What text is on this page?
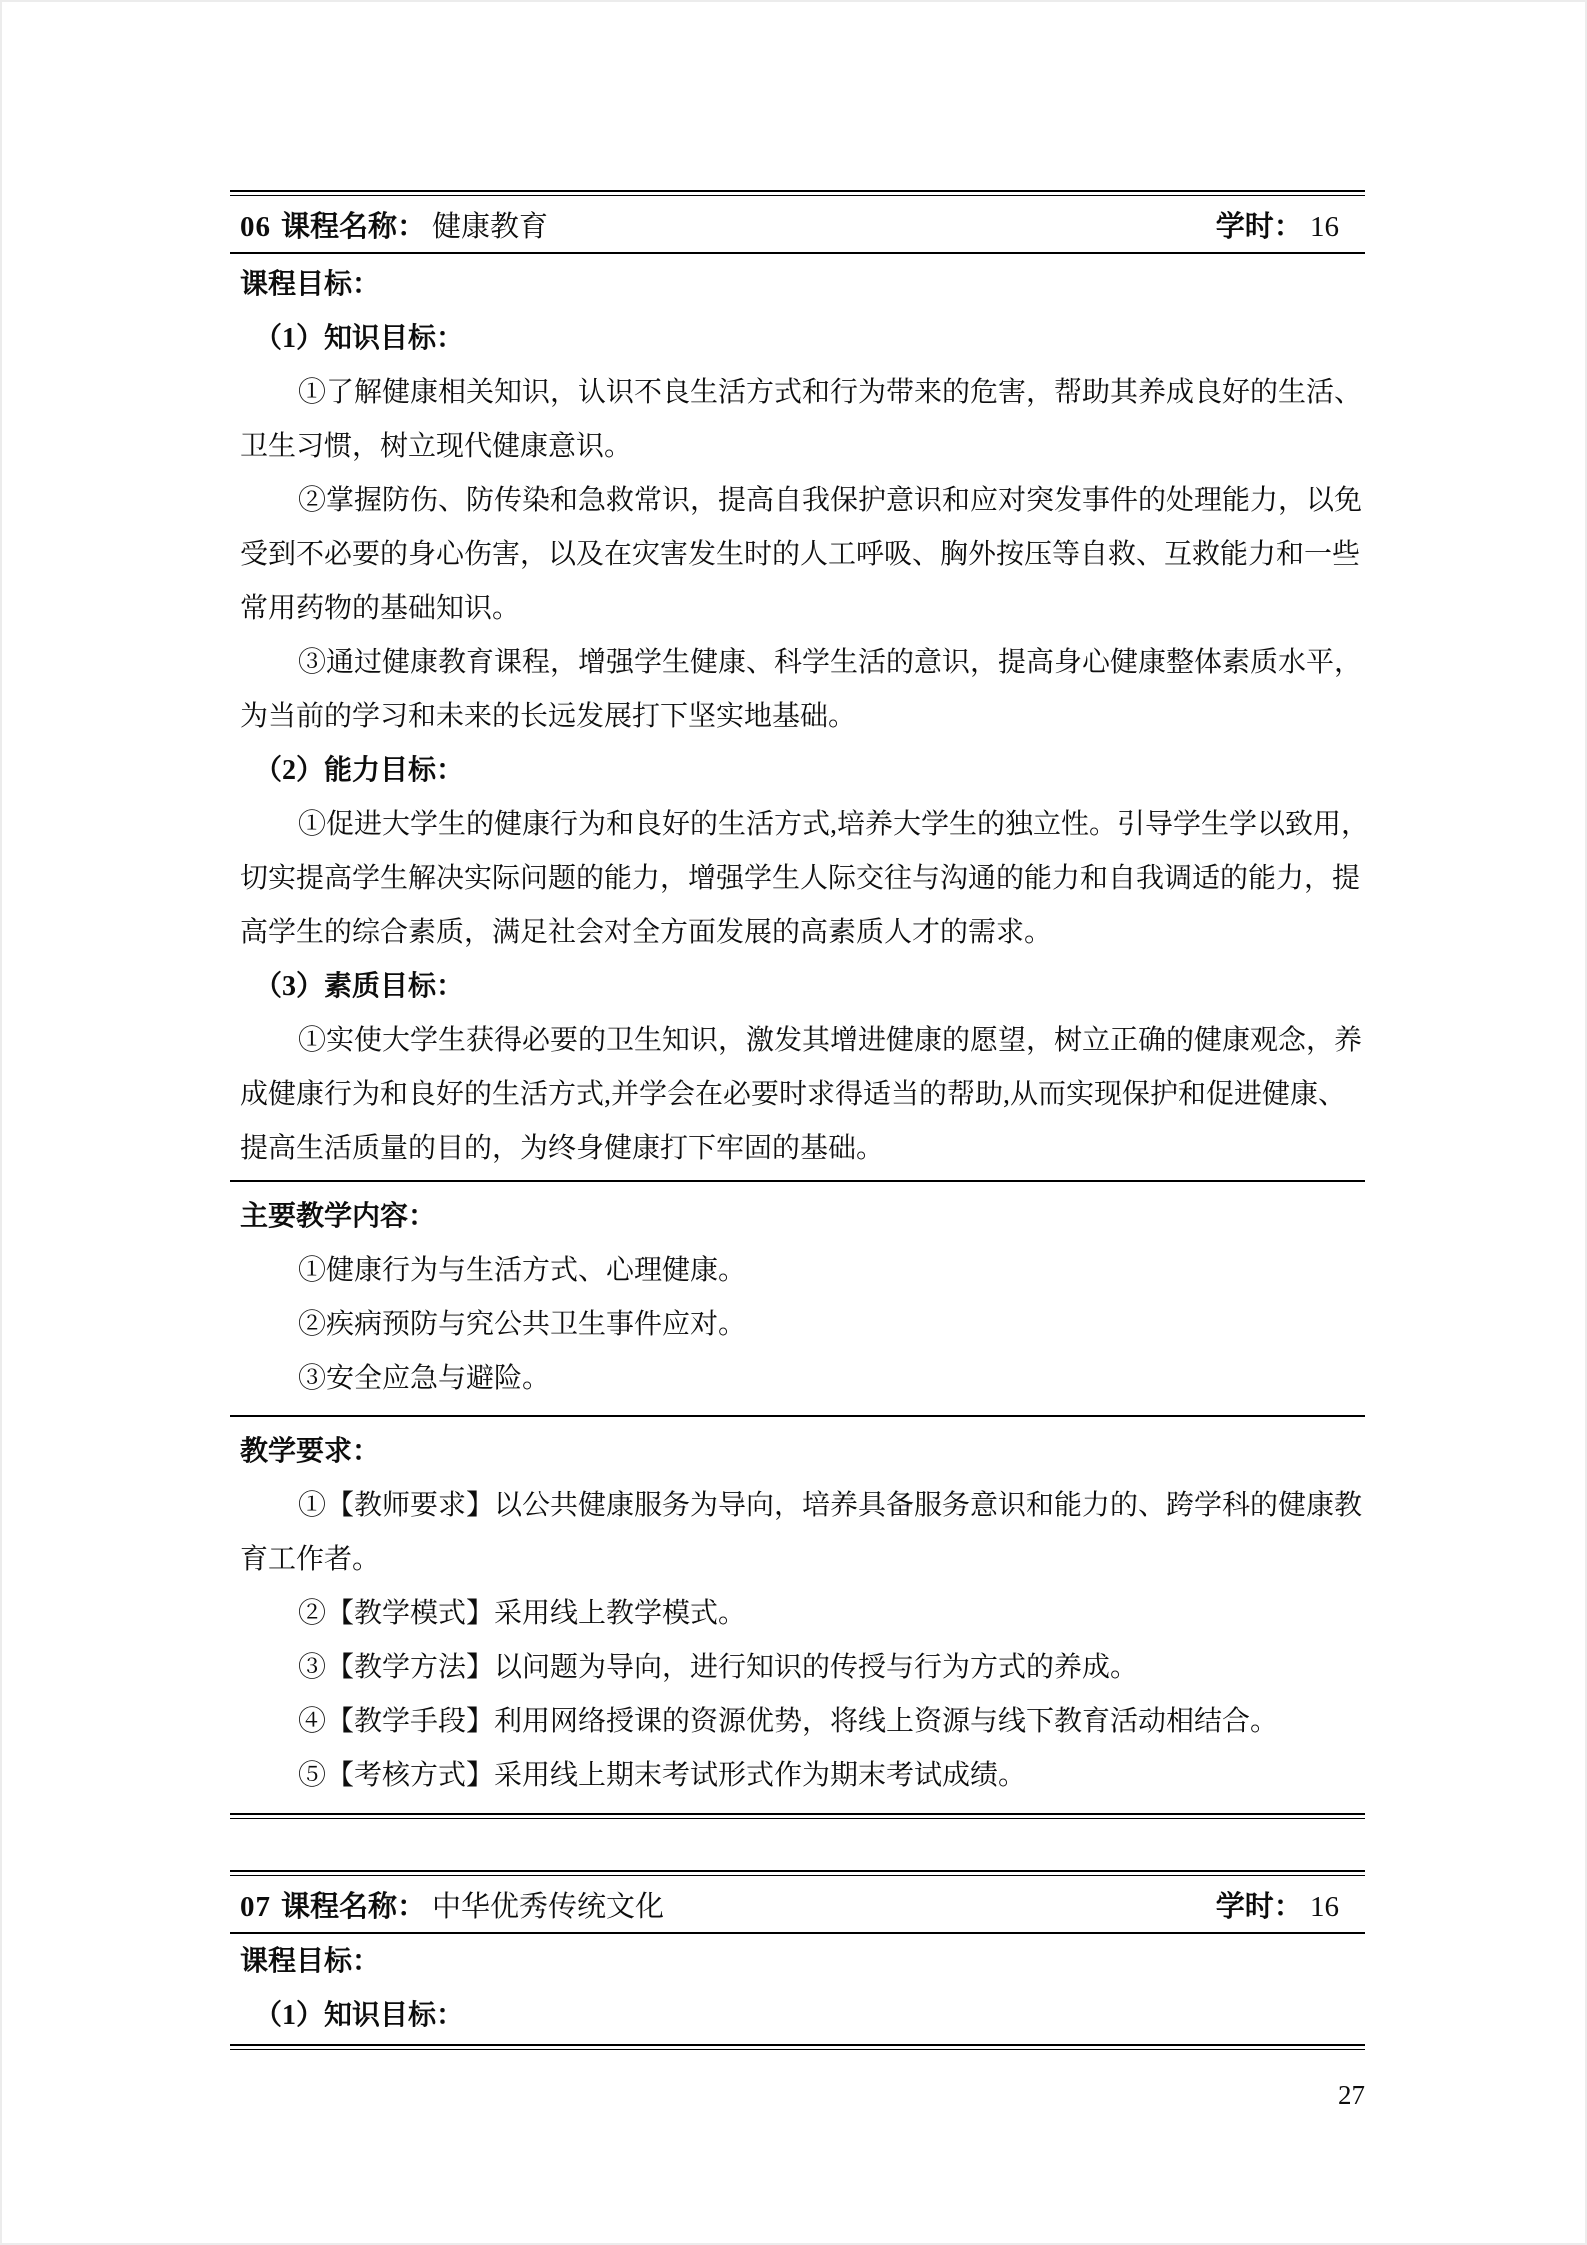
06 课程名称： 健康教育	学时： 16
课程目标：
（1）知识目标：
①了解健康相关知识，认识不良生活方式和行为带来的危害，帮助其养成良好的生活、
卫生习惯，树立现代健康意识。
②掌握防伤、防传染和急救常识，提高自我保护意识和应对突发事件的处理能力，以免
受到不必要的身心伤害，以及在灾害发生时的人工呼吸、胸外按压等自救、互救能力和一些
常用药物的基础知识。
③通过健康教育课程，增强学生健康、科学生活的意识，提高身心健康整体素质水平，
为当前的学习和未来的长远发展打下坚实地基础。
（2）能力目标：
①促进大学生的健康行为和良好的生活方式,培养大学生的独立性。引导学生学以致用，
切实提高学生解决实际问题的能力，增强学生人际交往与沟通的能力和自我调适的能力，提
高学生的综合素质，满足社会对全方面发展的高素质人才的需求。
（3）素质目标：
①实使大学生获得必要的卫生知识，激发其增进健康的愿望，树立正确的健康观念，养
成健康行为和良好的生活方式,并学会在必要时求得适当的帮助,从而实现保护和促进健康、
提高生活质量的目的，为终身健康打下牢固的基础。
主要教学内容：
①健康行为与生活方式、心理健康。
②疾病预防与究公共卫生事件应对。
③安全应急与避险。
教学要求：
①【教师要求】以公共健康服务为导向，培养具备服务意识和能力的、跨学科的健康教
育工作者。
②【教学模式】采用线上教学模式。
③【教学方法】以问题为导向，进行知识的传授与行为方式的养成。
④【教学手段】利用网络授课的资源优势，将线上资源与线下教育活动相结合。
⑤【考核方式】采用线上期末考试形式作为期末考试成绩。
07 课程名称： 中华优秀传统文化	学时： 16
课程目标：
（1）知识目标：
27
